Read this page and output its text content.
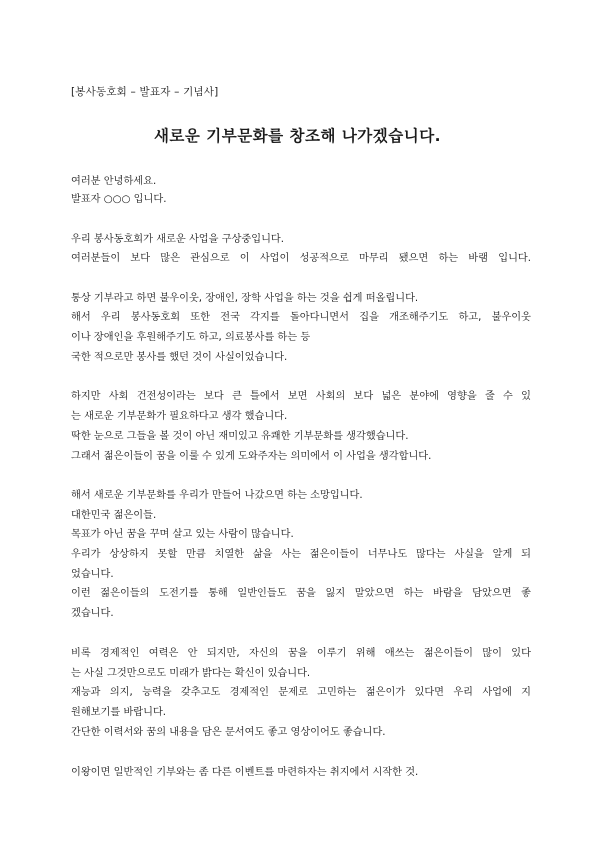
[봉사동호회 – 발표자 – 기념사]
새로운 기부문화를 창조해 나가겠습니다.
여러분 안녕하세요.
발표자 ○○○ 입니다.
우리 봉사동호회가 새로운 사업을 구상중입니다.
여러분들이 보다 많은 관심으로 이 사업이 성공적으로 마무리 됐으면 하는 바램 입니다.
통상 기부라고 하면 불우이웃, 장애인, 장학 사업을 하는 것을 쉽게 떠올립니다.
해서 우리 봉사동호회 또한 전국 각지를 돌아다니면서 집을 개조해주기도 하고, 불우이웃
이나 장애인을 후원해주기도 하고, 의료봉사를 하는 등
국한 적으로만 봉사를 했던 것이 사실이었습니다.
하지만 사회 건전성이라는 보다 큰 틀에서 보면 사회의 보다 넓은 분야에 영향을 줄 수 있
는 새로운 기부문화가 필요하다고 생각 했습니다.
딱한 눈으로 그들을 볼 것이 아닌 재미있고 유쾌한 기부문화를 생각했습니다.
그래서 젊은이들이 꿈을 이룰 수 있게 도와주자는 의미에서 이 사업을 생각합니다.
해서 새로운 기부문화를 우리가 만들어 나갔으면 하는 소망입니다.
대한민국 젊은이들.
목표가 아닌 꿈을 꾸며 살고 있는 사람이 많습니다.
우리가 상상하지 못할 만큼 치열한 삶을 사는 젊은이들이 너무나도 많다는 사실을 알게 되
었습니다.
이런 젊은이들의 도전기를 통해 일반인들도 꿈을 잃지 말았으면 하는 바람을 담았으면 좋
겠습니다.
비록 경제적인 여력은 안 되지만, 자신의 꿈을 이루기 위해 애쓰는 젊은이들이 많이 있다
는 사실 그것만으로도 미래가 밝다는 확신이 있습니다.
재능과 의지, 능력을 갖추고도 경제적인 문제로 고민하는 젊은이가 있다면 우리 사업에 지
원해보기를 바랍니다.
간단한 이력서와 꿈의 내용을 담은 문서여도 좋고 영상이어도 좋습니다.
이왕이면 일반적인 기부와는 좀 다른 이벤트를 마련하자는 취지에서 시작한 것.
